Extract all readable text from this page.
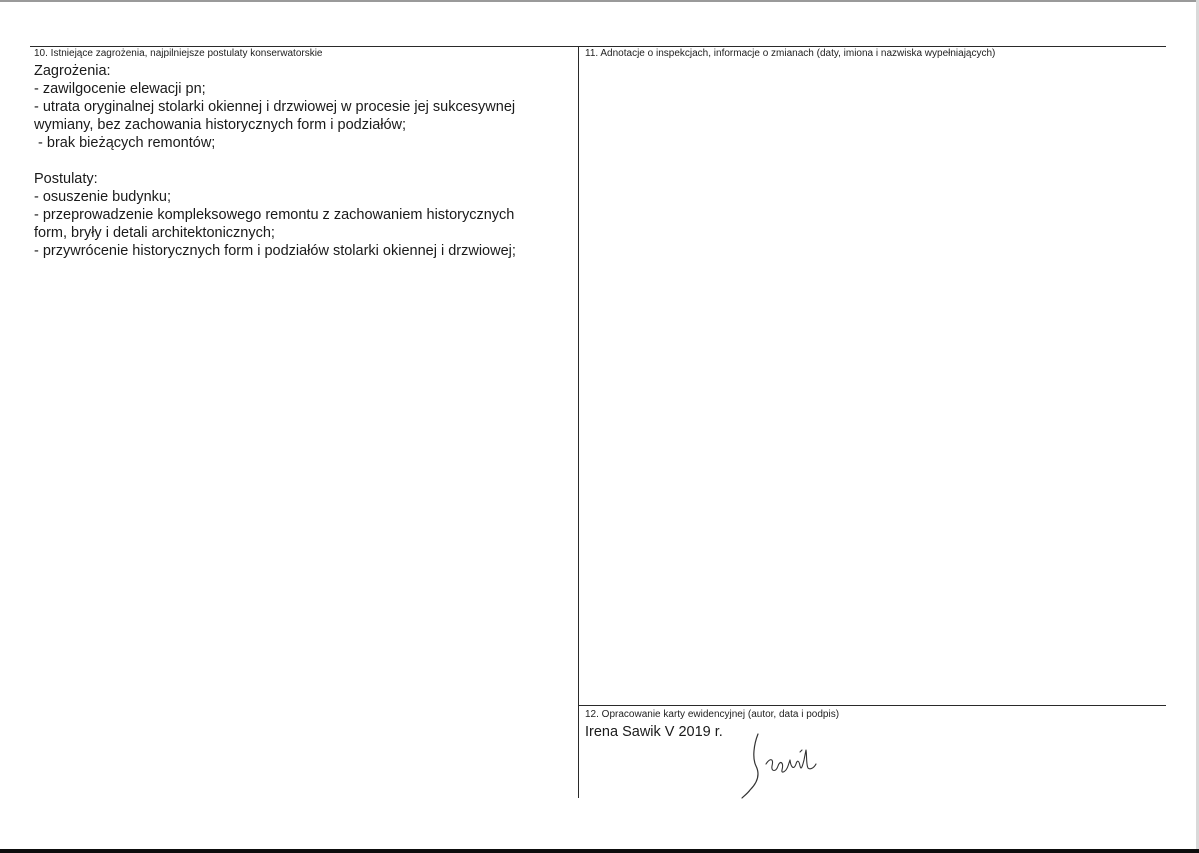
10. Istniejące zagrożenia, najpilniejsze postulaty konserwatorskie
Zagrożenia:
- zawilgocenie elewacji pn;
- utrata oryginalnej stolarki okiennej i drzwiowej w procesie jej sukcesywnej
wymiany, bez zachowania historycznych form i podziałów;
- brak bieżących remontów;
Postulaty:
- osuszenie budynku;
- przeprowadzenie kompleksowego remontu z zachowaniem historycznych
form, bryły i detali architektonicznych;
- przywrócenie historycznych form i podziałów stolarki okiennej i drzwiowej;
11. Adnotacje o inspekcjach, informacje o zmianach (daty, imiona i nazwiska wypełniających)
12. Opracowanie karty ewidencyjnej (autor, data i podpis)
Irena Sawik V 2019 r.
